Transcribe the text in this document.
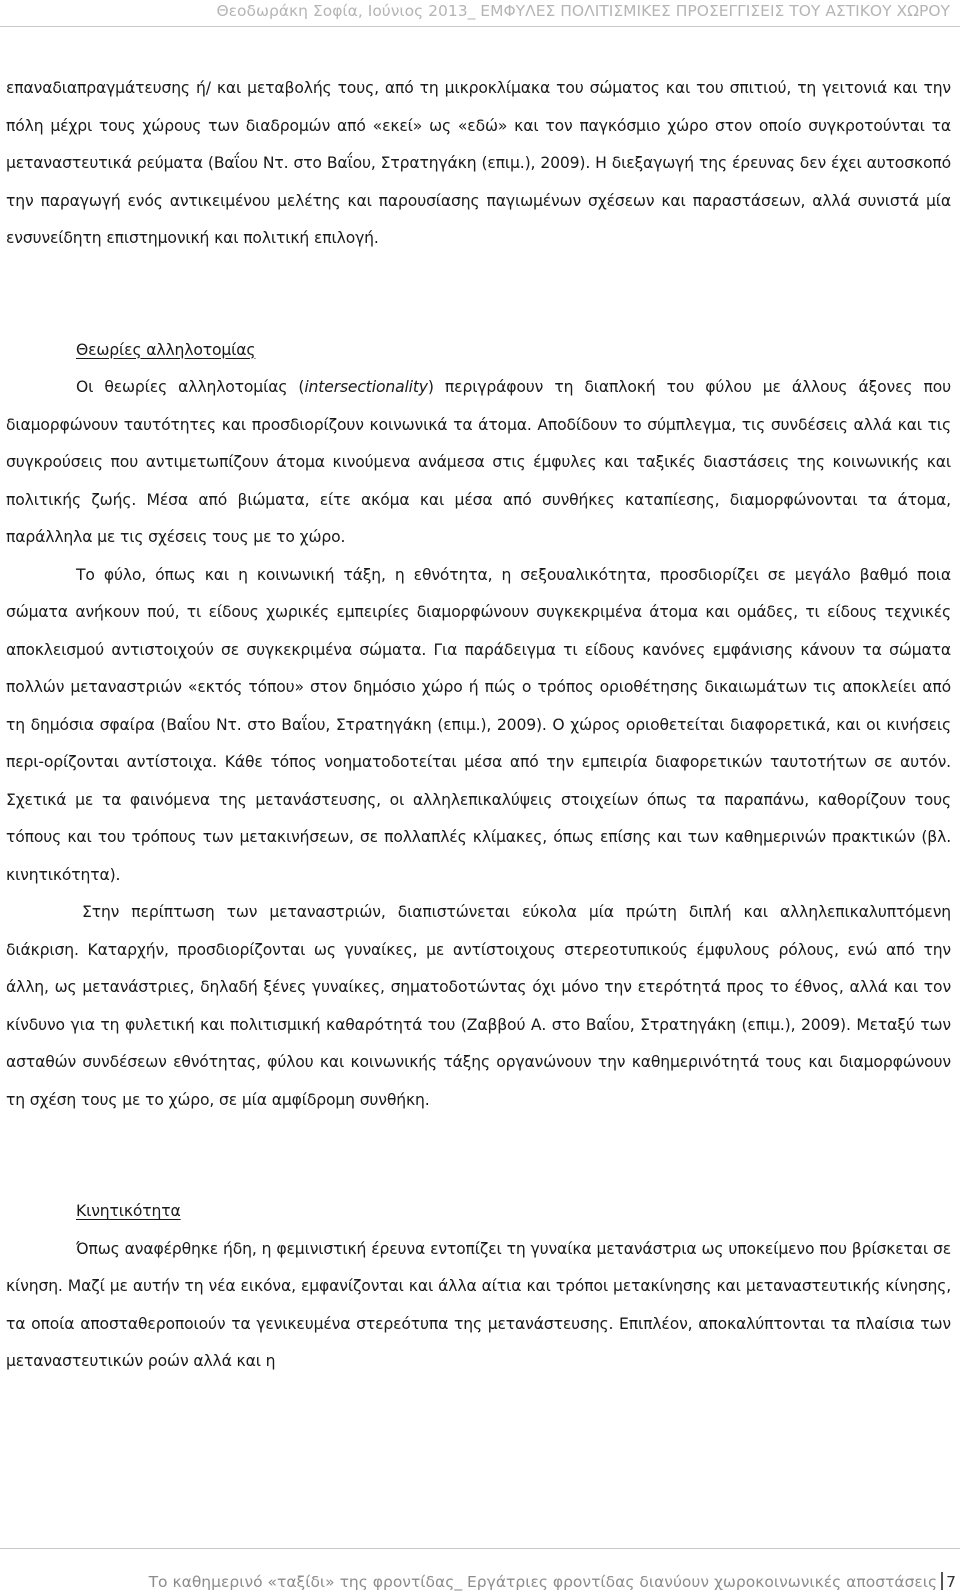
Θεοδωράκη Σοφία, Ιούνιος 2013_ ΕΜΦΥΛΕΣ ΠΟΛΙΤΙΣΜΙΚΕΣ ΠΡΟΣΕΓΓΙΣΕΙΣ ΤΟΥ ΑΣΤΙΚΟΥ ΧΩΡΟΥ

επαναδιαπραγμάτευσης ή/ και μεταβολής τους, από τη μικροκλίμακα του σώματος και του σπιτιού, τη γειτονιά και την πόλη μέχρι τους χώρους των διαδρομών από «εκεί» ως «εδώ» και τον παγκόσμιο χώρο στον οποίο συγκροτούνται τα μεταναστευτικά ρεύματα (Βαΐου Ντ. στο Βαΐου, Στρατηγάκη (επιμ.), 2009). Η διεξαγωγή της έρευνας δεν έχει αυτοσκοπό την παραγωγή ενός αντικειμένου μελέτης και παρουσίασης παγιωμένων σχέσεων και παραστάσεων, αλλά συνιστά μία ενσυνείδητη επιστημονική και πολιτική επιλογή.

Θεωρίες αλληλοτομίας

Οι θεωρίες αλληλοτομίας (intersectionality) περιγράφουν τη διαπλοκή του φύλου με άλλους άξονες που διαμορφώνουν ταυτότητες και προσδιορίζουν κοινωνικά τα άτομα. Αποδίδουν το σύμπλεγμα, τις συνδέσεις αλλά και τις συγκρούσεις που αντιμετωπίζουν άτομα κινούμενα ανάμεσα στις έμφυλες και ταξικές διαστάσεις της κοινωνικής και πολιτικής ζωής. Μέσα από βιώματα, είτε ακόμα και μέσα από συνθήκες καταπίεσης, διαμορφώνονται τα άτομα, παράλληλα με τις σχέσεις τους με το χώρο.

Το φύλο, όπως και η κοινωνική τάξη, η εθνότητα, η σεξουαλικότητα, προσδιορίζει σε μεγάλο βαθμό ποια σώματα ανήκουν πού, τι είδους χωρικές εμπειρίες διαμορφώνουν συγκεκριμένα άτομα και ομάδες, τι είδους τεχνικές αποκλεισμού αντιστοιχούν σε συγκεκριμένα σώματα. Για παράδειγμα τι είδους κανόνες εμφάνισης κάνουν τα σώματα πολλών μεταναστριών «εκτός τόπου» στον δημόσιο χώρο ή πώς ο τρόπος οριοθέτησης δικαιωμάτων τις αποκλείει από τη δημόσια σφαίρα (Βαΐου Ντ. στο Βαΐου, Στρατηγάκη (επιμ.), 2009). Ο χώρος οριοθετείται διαφορετικά, και οι κινήσεις περι-ορίζονται αντίστοιχα. Κάθε τόπος νοηματοδοτείται μέσα από την εμπειρία διαφορετικών ταυτοτήτων σε αυτόν. Σχετικά με τα φαινόμενα της μετανάστευσης, οι αλληλεπικαλύψεις στοιχείων όπως τα παραπάνω, καθορίζουν τους τόπους και του τρόπους των μετακινήσεων, σε πολλαπλές κλίμακες, όπως επίσης και των καθημερινών πρακτικών (βλ. κινητικότητα).

Στην περίπτωση των μεταναστριών, διαπιστώνεται εύκολα μία πρώτη διπλή και αλληλεπικαλυπτόμενη διάκριση. Καταρχήν, προσδιορίζονται ως γυναίκες, με αντίστοιχους στερεοτυπικούς έμφυλους ρόλους, ενώ από την άλλη, ως μετανάστριες, δηλαδή ξένες γυναίκες, σηματοδοτώντας όχι μόνο την ετερότητά προς το έθνος, αλλά και τον κίνδυνο για τη φυλετική και πολιτισμική καθαρότητά του (Ζαββού Α. στο Βαΐου, Στρατηγάκη (επιμ.), 2009). Μεταξύ των ασταθών συνδέσεων εθνότητας, φύλου και κοινωνικής τάξης οργανώνουν την καθημερινότητά τους και διαμορφώνουν τη σχέση τους με το χώρο, σε μία αμφίδρομη συνθήκη.

Κινητικότητα

Όπως αναφέρθηκε ήδη, η φεμινιστική έρευνα εντοπίζει τη γυναίκα μετανάστρια ως υποκείμενο που βρίσκεται σε κίνηση. Μαζί με αυτήν τη νέα εικόνα, εμφανίζονται και άλλα αίτια και τρόποι μετακίνησης και μεταναστευτικής κίνησης, τα οποία αποσταθεροποιούν τα γενικευμένα στερεότυπα της μετανάστευσης. Επιπλέον, αποκαλύπτονται τα πλαίσια των μεταναστευτικών ροών αλλά και η

Το καθημερινό «ταξίδι» της φροντίδας_ Εργάτριες φροντίδας διανύουν χωροκοινωνικές αποστάσεις 7
